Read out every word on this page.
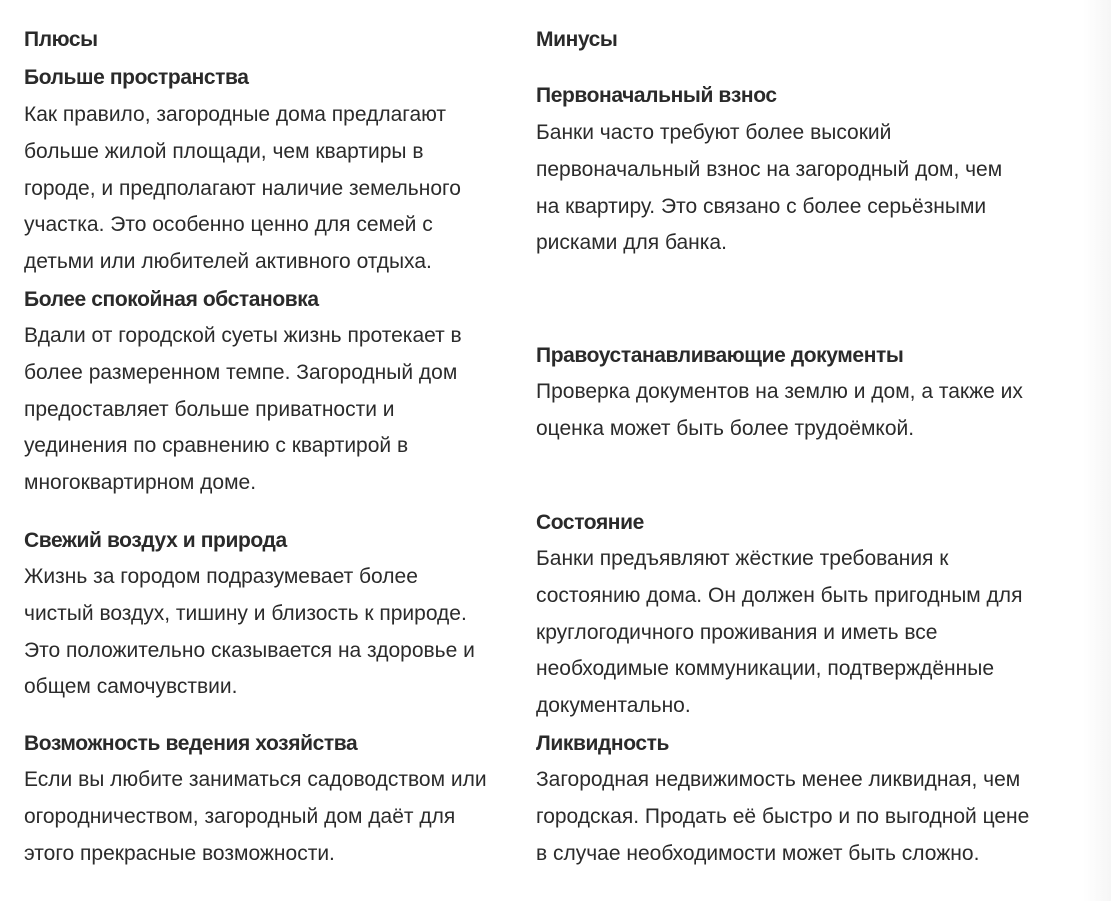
Плюсы
Больше пространства
Как правило, загородные дома предлагают
больше жилой площади, чем квартиры в
городе, и предполагают наличие земельного
участка. Это особенно ценно для семей с
детьми или любителей активного отдыха.
Более спокойная обстановка
Вдали от городской суеты жизнь протекает в
более размеренном темпе. Загородный дом
предоставляет больше приватности и
уединения по сравнению с квартирой в
многоквартирном доме.
Свежий воздух и природа
Жизнь за городом подразумевает более
чистый воздух, тишину и близость к природе.
Это положительно сказывается на здоровье и
общем самочувствии.
Возможность ведения хозяйства
Если вы любите заниматься садоводством или
огородничеством, загородный дом даёт для
этого прекрасные возможности.
Минусы
Первоначальный взнос
Банки часто требуют более высокий
первоначальный взнос на загородный дом, чем
на квартиру. Это связано с более серьёзными
рисками для банка.
Правоустанавливающие документы
Проверка документов на землю и дом, а также их
оценка может быть более трудоёмкой.
Состояние
Банки предъявляют жёсткие требования к
состоянию дома. Он должен быть пригодным для
круглогодичного проживания и иметь все
необходимые коммуникации, подтверждённые
документально.
Ликвидность
Загородная недвижимость менее ликвидная, чем
городская. Продать её быстро и по выгодной цене
в случае необходимости может быть сложно.
